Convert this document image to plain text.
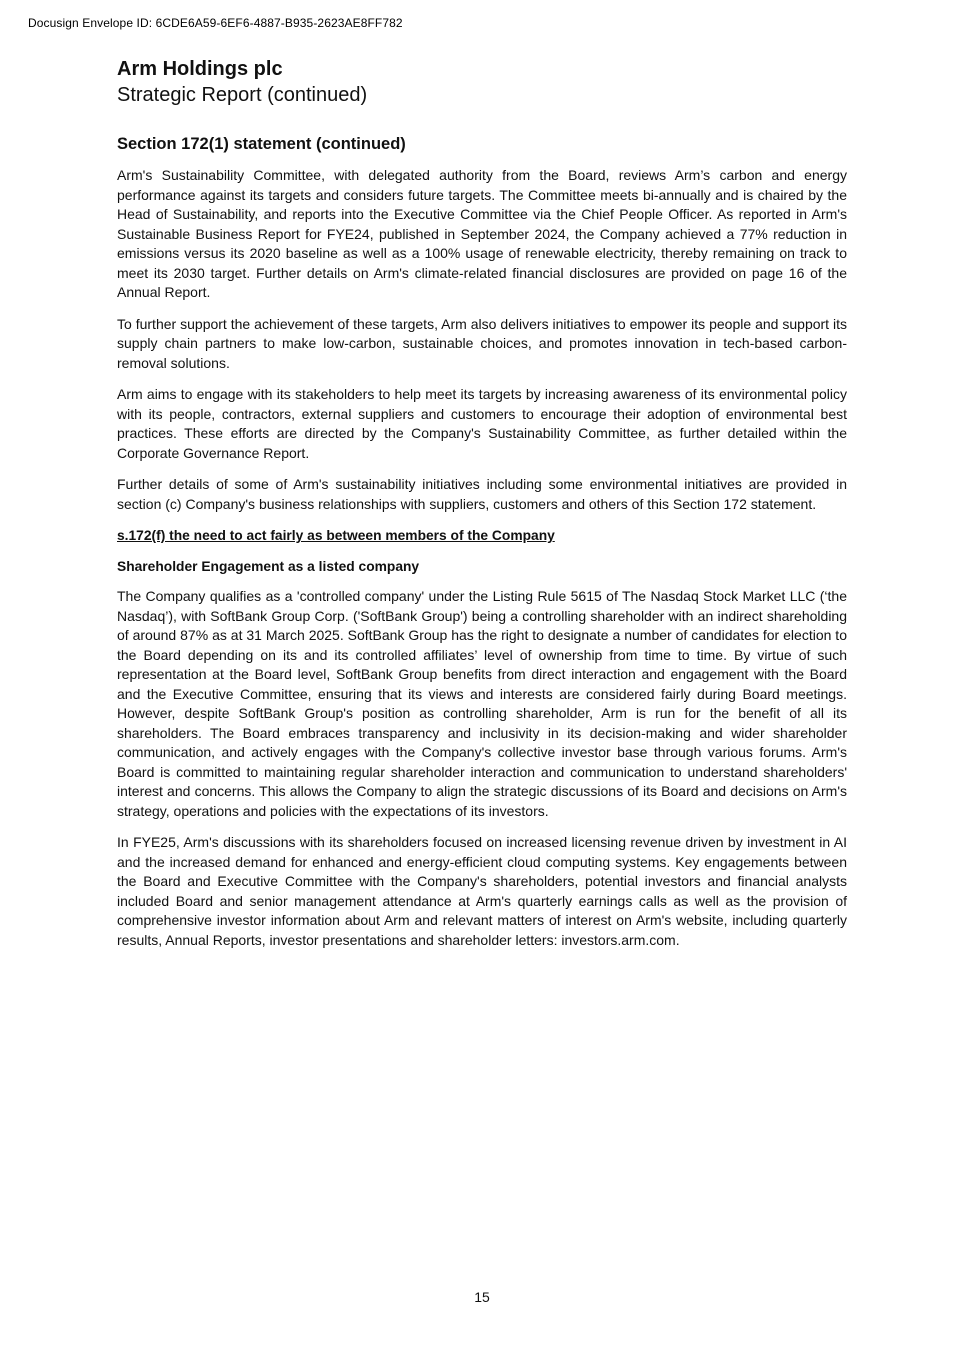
Docusign Envelope ID: 6CDE6A59-6EF6-4887-B935-2623AE8FF782
Arm Holdings plc
Strategic Report (continued)
Section 172(1) statement (continued)

Arm's Sustainability Committee, with delegated authority from the Board, reviews Arm’s carbon and energy performance against its targets and considers future targets. The Committee meets bi-annually and is chaired by the Head of Sustainability, and reports into the Executive Committee via the Chief People Officer. As reported in Arm's Sustainable Business Report for FYE24, published in September 2024, the Company achieved a 77% reduction in emissions versus its 2020 baseline as well as a 100% usage of renewable electricity, thereby remaining on track to meet its 2030 target. Further details on Arm's climate-related financial disclosures are provided on page 16 of the Annual Report.

To further support the achievement of these targets, Arm also delivers initiatives to empower its people and support its supply chain partners to make low-carbon, sustainable choices, and promotes innovation in tech-based carbon-removal solutions.

Arm aims to engage with its stakeholders to help meet its targets by increasing awareness of its environmental policy with its people, contractors, external suppliers and customers to encourage their adoption of environmental best practices. These efforts are directed by the Company's Sustainability Committee, as further detailed within the Corporate Governance Report.

Further details of some of Arm's sustainability initiatives including some environmental initiatives are provided in section (c) Company's business relationships with suppliers, customers and others of this Section 172 statement.

s.172(f) the need to act fairly as between members of the Company
Shareholder Engagement as a listed company

The Company qualifies as a 'controlled company' under the Listing Rule 5615 of The Nasdaq Stock Market LLC (‘the Nasdaq’), with SoftBank Group Corp. ('SoftBank Group') being a controlling shareholder with an indirect shareholding of around 87% as at 31 March 2025. SoftBank Group has the right to designate a number of candidates for election to the Board depending on its and its controlled affiliates’ level of ownership from time to time. By virtue of such representation at the Board level, SoftBank Group benefits from direct interaction and engagement with the Board and the Executive Committee, ensuring that its views and interests are considered fairly during Board meetings. However, despite SoftBank Group's position as controlling shareholder, Arm is run for the benefit of all its shareholders. The Board embraces transparency and inclusivity in its decision-making and wider shareholder communication, and actively engages with the Company's collective investor base through various forums. Arm's Board is committed to maintaining regular shareholder interaction and communication to understand shareholders' interest and concerns. This allows the Company to align the strategic discussions of its Board and decisions on Arm's strategy, operations and policies with the expectations of its investors.

In FYE25, Arm's discussions with its shareholders focused on increased licensing revenue driven by investment in AI and the increased demand for enhanced and energy-efficient cloud computing systems. Key engagements between the Board and Executive Committee with the Company's shareholders, potential investors and financial analysts included Board and senior management attendance at Arm's quarterly earnings calls as well as the provision of comprehensive investor information about Arm and relevant matters of interest on Arm's website, including quarterly results, Annual Reports, investor presentations and shareholder letters: investors.arm.com.

15
